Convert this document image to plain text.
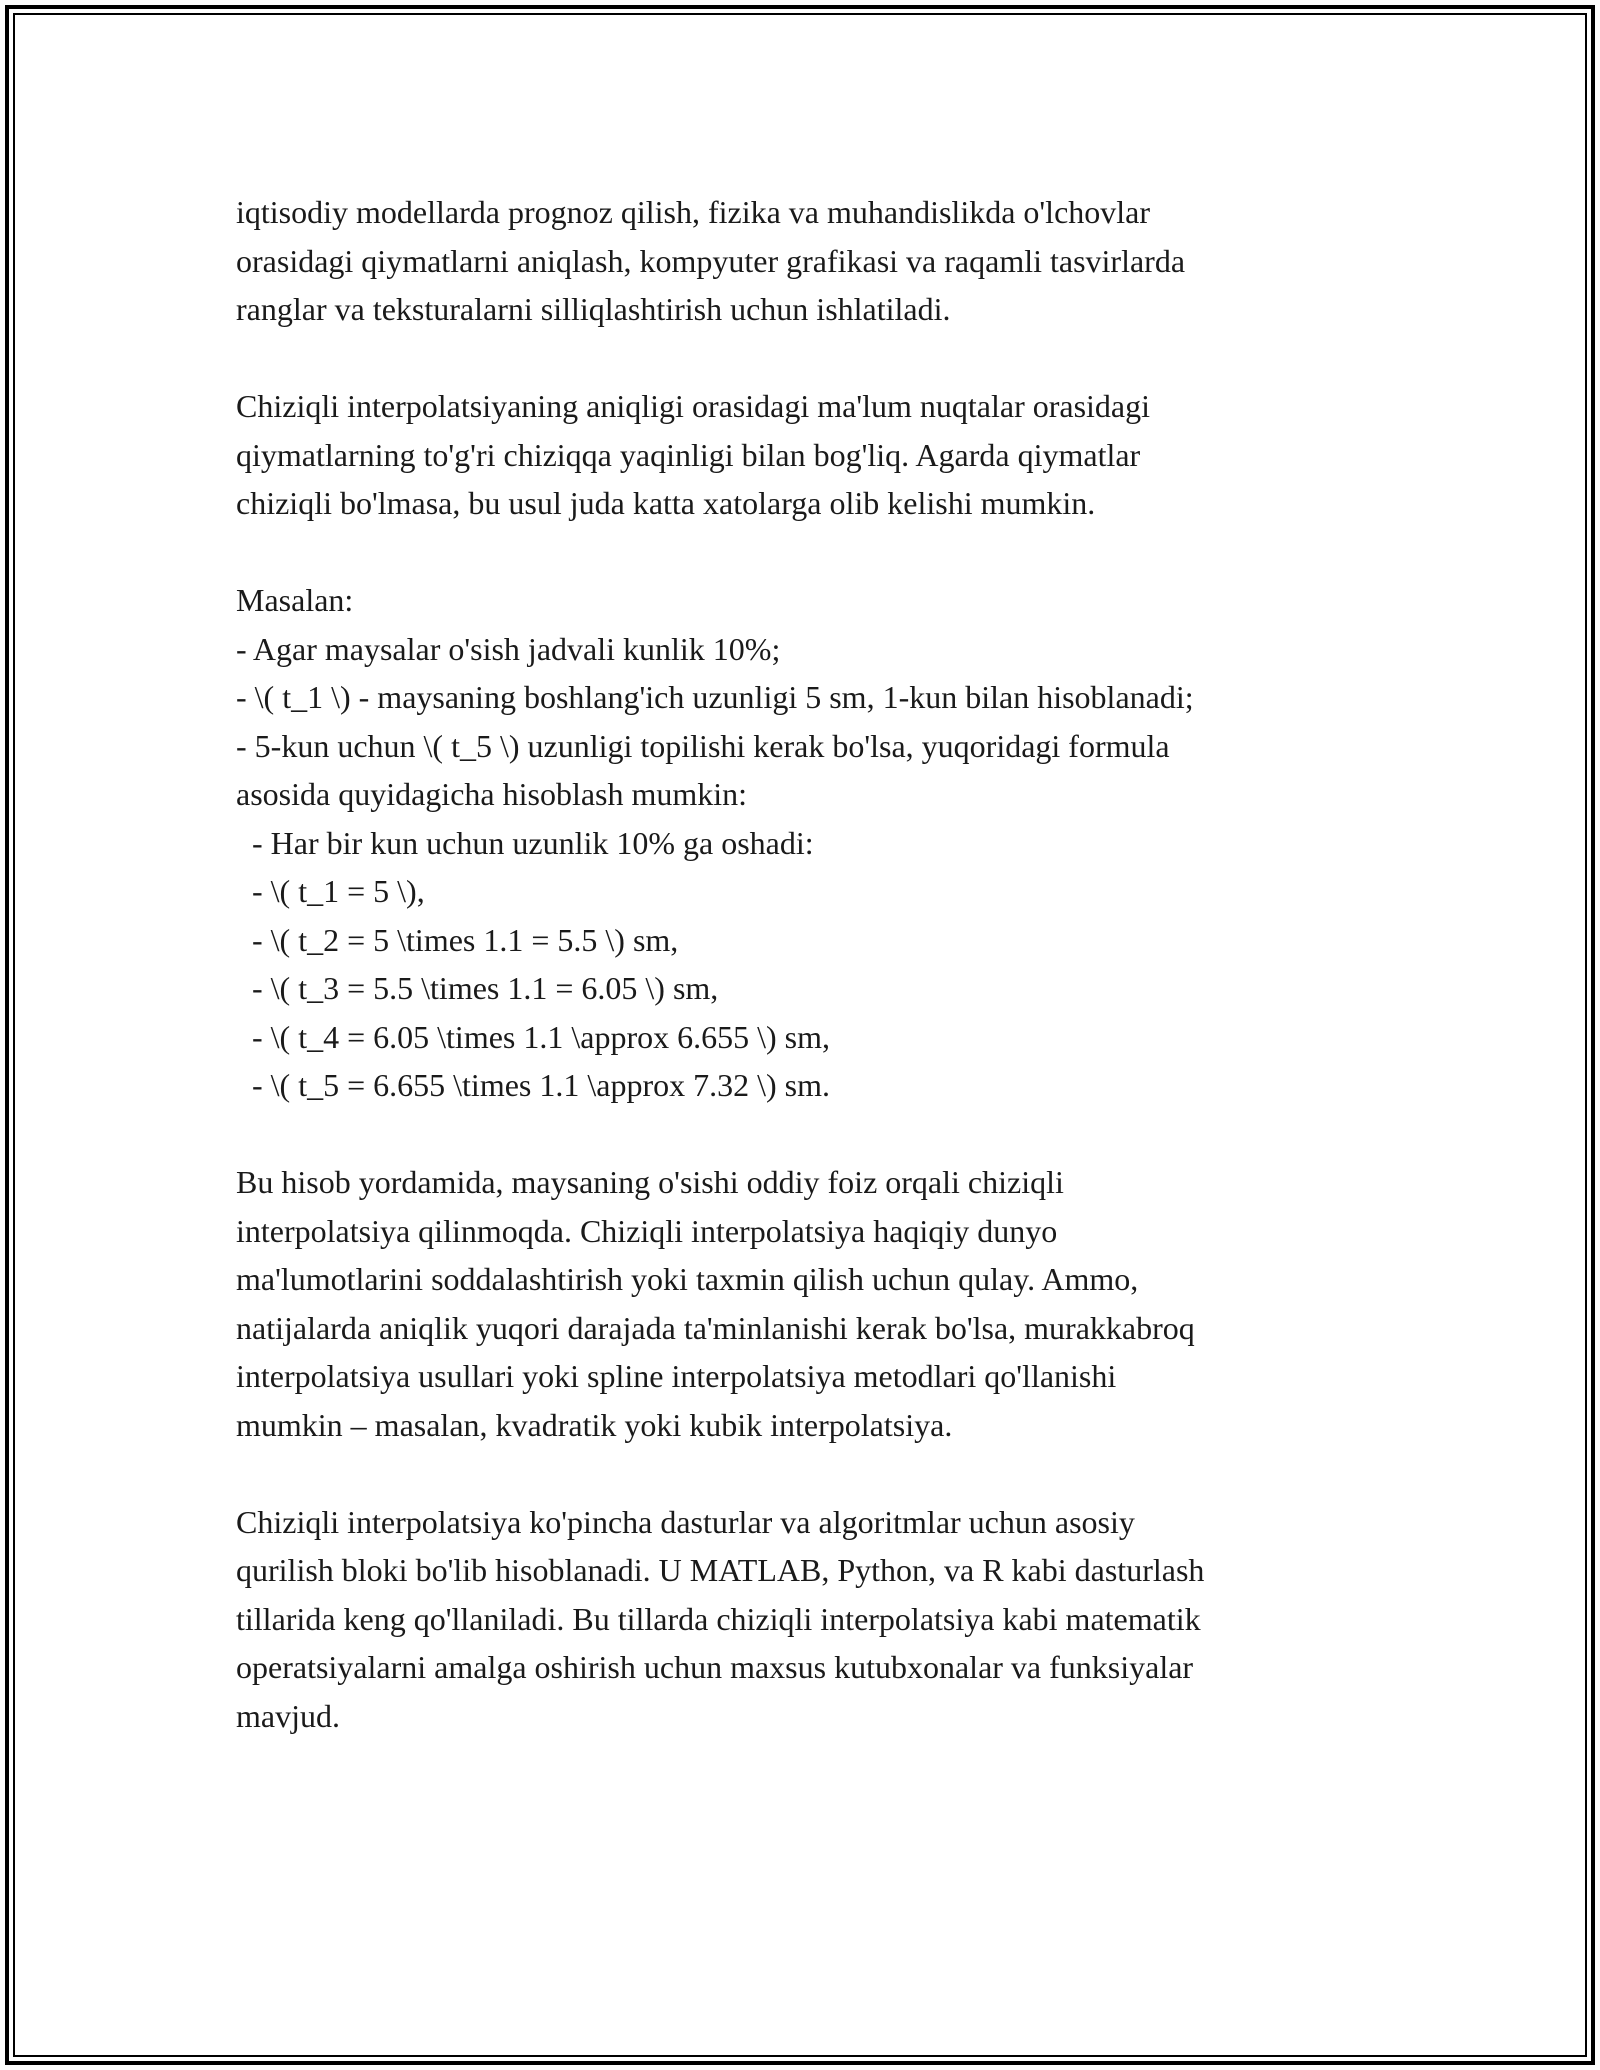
iqtisodiy modellarda prognoz qilish, fizika va muhandislikda o'lchovlar
orasidagi qiymatlarni aniqlash, kompyuter grafikasi va raqamli tasvirlarda
ranglar va teksturalarni silliqlashtirish uchun ishlatiladi.

Chiziqli interpolatsiyaning aniqligi orasidagi ma'lum nuqtalar orasidagi
qiymatlarning to'g'ri chiziqqa yaqinligi bilan bog'liq. Agarda qiymatlar
chiziqli bo'lmasa, bu usul juda katta xatolarga olib kelishi mumkin.

Masalan:
- Agar maysalar o'sish jadvali kunlik 10%;
- \( t_1 \) - maysaning boshlang'ich uzunligi 5 sm, 1-kun bilan hisoblanadi;
- 5-kun uchun \( t_5 \) uzunligi topilishi kerak bo'lsa, yuqoridagi formula
asosida quyidagicha hisoblash mumkin:
- Har bir kun uchun uzunlik 10% ga oshadi:
- \( t_1 = 5 \),
- \( t_2 = 5 \times 1.1 = 5.5 \) sm,
- \( t_3 = 5.5 \times 1.1 = 6.05 \) sm,
- \( t_4 = 6.05 \times 1.1 \approx 6.655 \) sm,
- \( t_5 = 6.655 \times 1.1 \approx 7.32 \) sm.

Bu hisob yordamida, maysaning o'sishi oddiy foiz orqali chiziqli
interpolatsiya qilinmoqda. Chiziqli interpolatsiya haqiqiy dunyo
ma'lumotlarini soddalashtirish yoki taxmin qilish uchun qulay. Ammo,
natijalarda aniqlik yuqori darajada ta'minlanishi kerak bo'lsa, murakkabroq
interpolatsiya usullari yoki spline interpolatsiya metodlari qo'llanishi
mumkin – masalan, kvadratik yoki kubik interpolatsiya.

Chiziqli interpolatsiya ko'pincha dasturlar va algoritmlar uchun asosiy
qurilish bloki bo'lib hisoblanadi. U MATLAB, Python, va R kabi dasturlash
tillarida keng qo'llaniladi. Bu tillarda chiziqli interpolatsiya kabi matematik
operatsiyalarni amalga oshirish uchun maxsus kutubxonalar va funksiyalar
mavjud.
